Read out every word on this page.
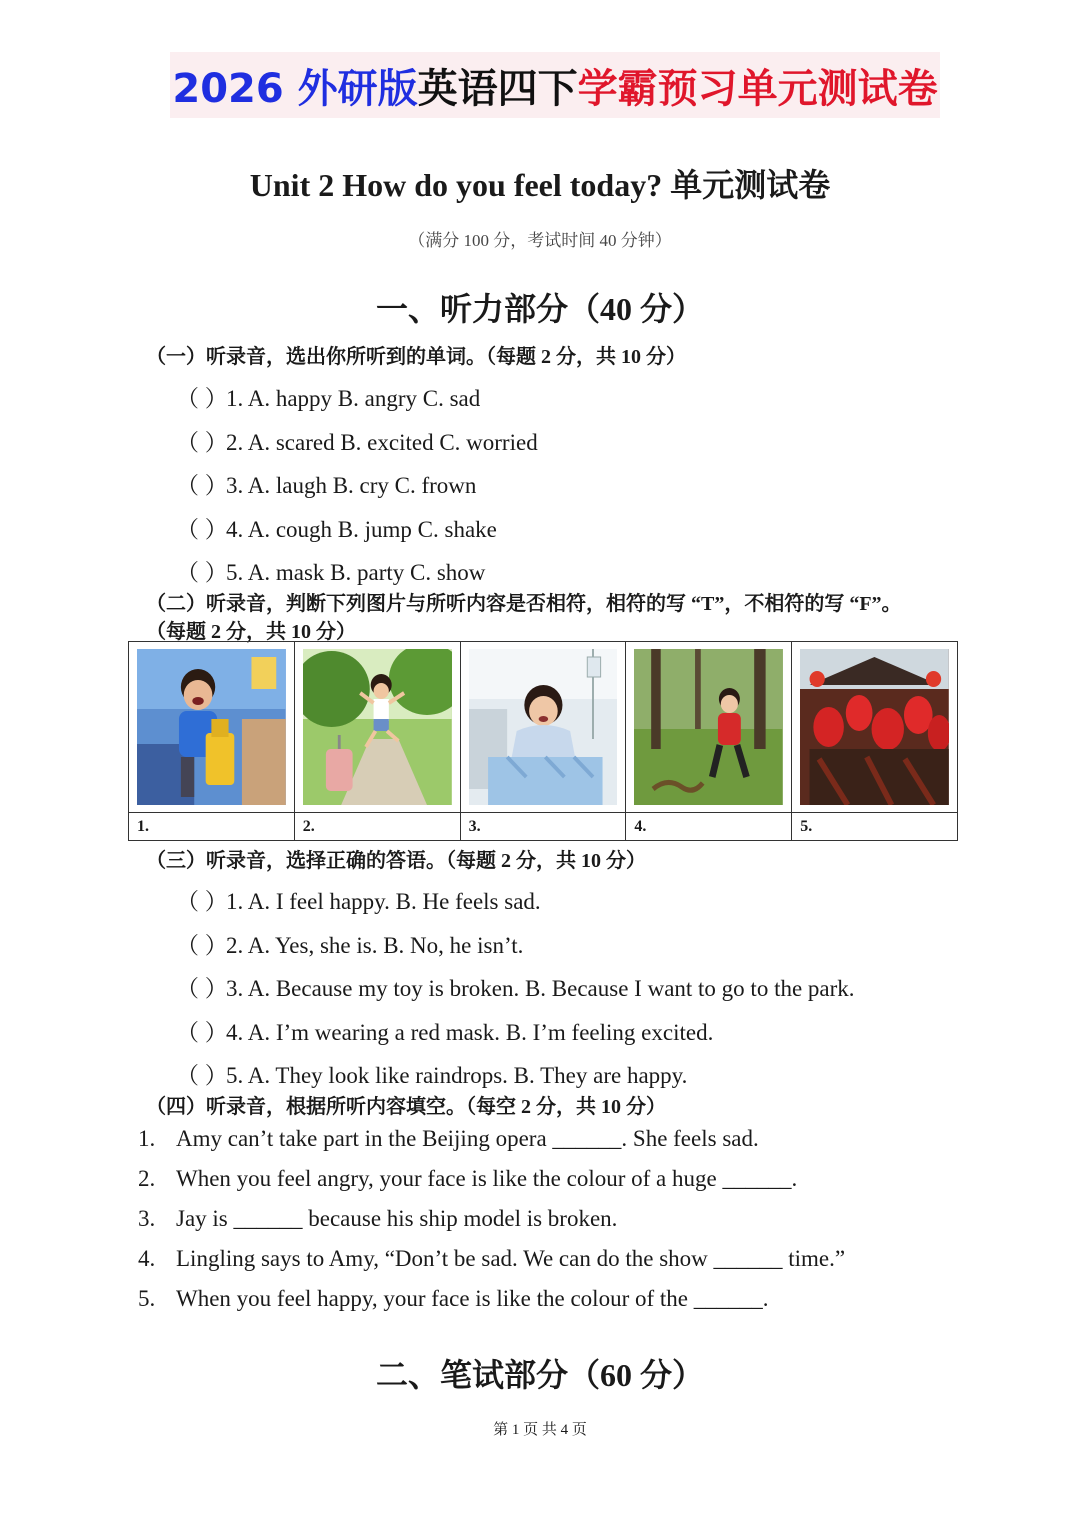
2026 外研版 英语四下 学霸预习单元测试卷
Unit 2 How do you feel today? 单元测试卷
（满分 100 分，考试时间 40 分钟）
一、听力部分（40 分）
（一）听录音，选出你所听到的单词。（每题 2 分，共 10 分）
（ ）1. A. happy B. angry C. sad
（ ）2. A. scared B. excited C. worried
（ ）3. A. laugh B. cry C. frown
（ ）4. A. cough B. jump C. shake
（ ）5. A. mask B. party C. show
（二）听录音，判断下列图片与所听内容是否相符，相符的写 “T”，不相符的写 “F”。
（每题 2 分，共 10 分）
1.	2.	3.	4.	5.
（三）听录音，选择正确的答语。（每题 2 分，共 10 分）
（ ）1. A. I feel happy. B. He feels sad.
（ ）2. A. Yes, she is. B. No, he isn’t.
（ ）3. A. Because my toy is broken. B. Because I want to go to the park.
（ ）4. A. I’m wearing a red mask. B. I’m feeling excited.
（ ）5. A. They look like raindrops. B. They are happy.
（四）听录音，根据所听内容填空。（每空 2 分，共 10 分）
1. Amy can’t take part in the Beijing opera ______. She feels sad.
2. When you feel angry, your face is like the colour of a huge ______.
3. Jay is ______ because his ship model is broken.
4. Lingling says to Amy, “Don’t be sad. We can do the show ______ time.”
5. When you feel happy, your face is like the colour of the ______.
二、笔试部分（60 分）
第 1 页 共 4 页
